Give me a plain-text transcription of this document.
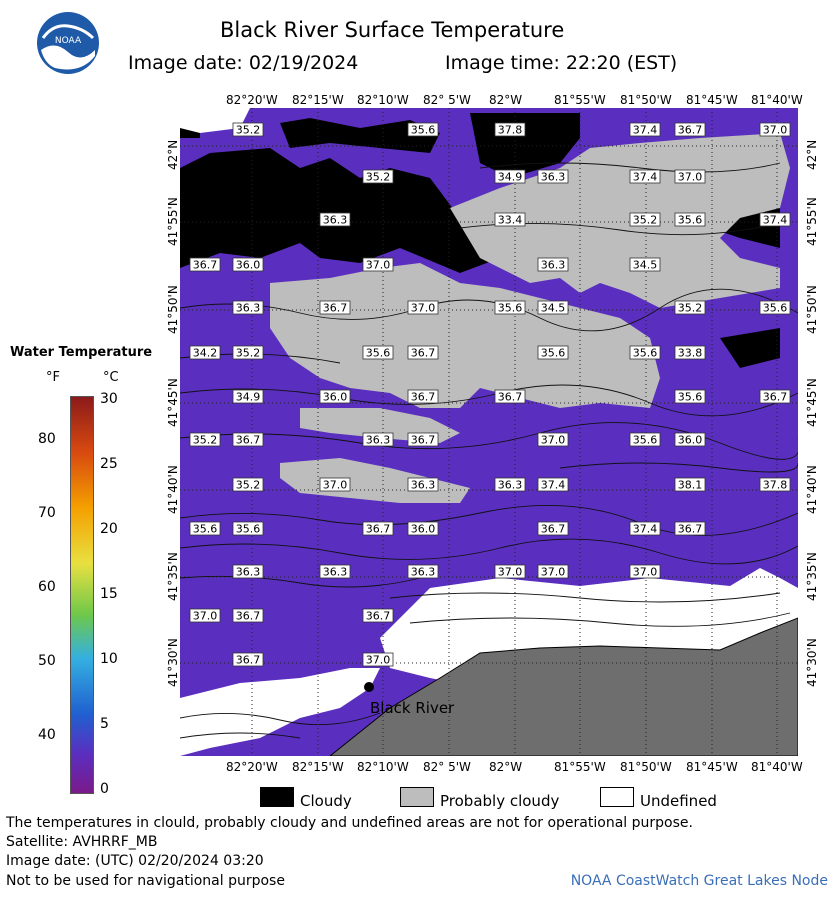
NOAA	Black River Surface Temperature
Image date: 02/19/2024	Image time: 22:20 (EST)
35.2	35.6	37.8	37.4 36.7	37.0
35.2	34.9 36.3	37.4 37.0
36.3	33.4	35.2 35.6	37.4
36.7 36.0	37.0	36.3	34.5
36.3	36.7	37.0	35.6 34.5	35.2	35.6
34.2 35.2	35.6 36.7	35.6	35.6 33.8
34.9	36.0	36.7	36.7	35.6	36.7
35.2 36.7	36.3 36.7	37.0	35.6 36.0
35.2	37.0	36.3	36.3 37.4	38.1	37.8
35.6 35.6	36.7 36.0	36.7	37.4 36.7
36.3	36.3	36.3	37.0 37.0	37.0
37.0 36.7	36.7
36.7	37.0
Black River
Water Temperature
°F	°C
Cloudy	Probably cloudy	Undefined
The temperatures in clould, probably cloudy and undefined areas are not for operational purpose.
Satellite: AVHRRF_MB
Image date: (UTC) 02/20/2024 03:20
Not to be used for navigational purpose	NOAA CoastWatch Great Lakes Node
82°20'W
82°20'W
82°15'W
82°15'W
82°10'W
82°10'W
82° 5'W
82° 5'W
82°W
82°W
81°55'W
81°55'W
81°50'W
81°50'W
81°45'W
81°45'W
81°40'W
81°40'W
42°N	42°N
41°55'N	41°55'N
41°50'N	41°50'N
41°45'N	41°45'N
41°40'N	41°40'N
41°35'N	41°35'N
41°30'N	41°30'N
80
70
60
50
40
30
25
20
15
10
5
0
